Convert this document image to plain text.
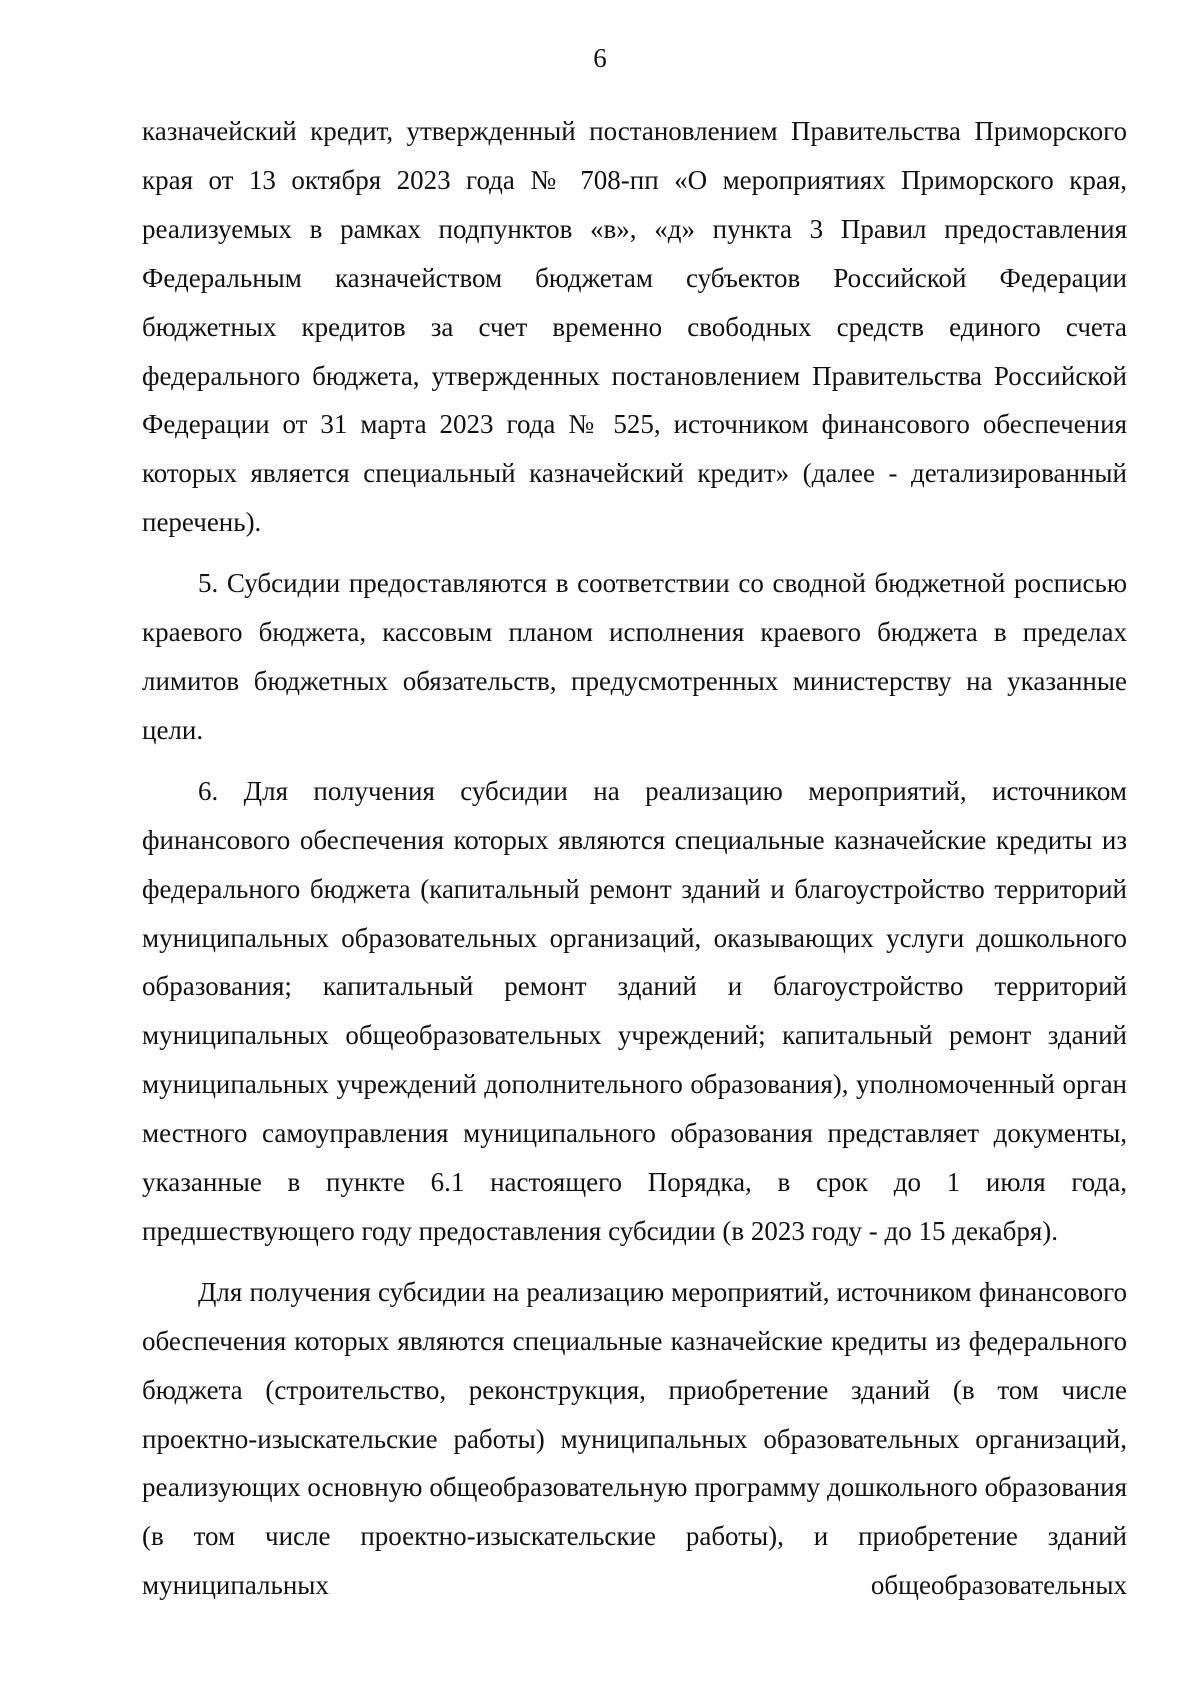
6

казначейский кредит, утвержденный постановлением Правительства Приморского края от 13 октября 2023 года № 708-пп «О мероприятиях Приморского края, реализуемых в рамках подпунктов «в», «д» пункта 3 Правил предоставления Федеральным казначейством бюджетам субъектов Российской Федерации бюджетных кредитов за счет временно свободных средств единого счета федерального бюджета, утвержденных постановлением Правительства Российской Федерации от 31 марта 2023 года № 525, источником финансового обеспечения которых является специальный казначейский кредит» (далее - детализированный перечень).

5. Субсидии предоставляются в соответствии со сводной бюджетной росписью краевого бюджета, кассовым планом исполнения краевого бюджета в пределах лимитов бюджетных обязательств, предусмотренных министерству на указанные цели.

6. Для получения субсидии на реализацию мероприятий, источником финансового обеспечения которых являются специальные казначейские кредиты из федерального бюджета (капитальный ремонт зданий и благоустройство территорий муниципальных образовательных организаций, оказывающих услуги дошкольного образования; капитальный ремонт зданий и благоустройство территорий муниципальных общеобразовательных учреждений; капитальный ремонт зданий муниципальных учреждений дополнительного образования), уполномоченный орган местного самоуправления муниципального образования представляет документы, указанные в пункте 6.1 настоящего Порядка, в срок до 1 июля года, предшествующего году предоставления субсидии (в 2023 году - до 15 декабря).

Для получения субсидии на реализацию мероприятий, источником финансового обеспечения которых являются специальные казначейские кредиты из федерального бюджета (строительство, реконструкция, приобретение зданий (в том числе проектно-изыскательские работы) муниципальных образовательных организаций, реализующих основную общеобразовательную программу дошкольного образования (в том числе проектно-изыскательские работы), и приобретение зданий муниципальных общеобразовательных
